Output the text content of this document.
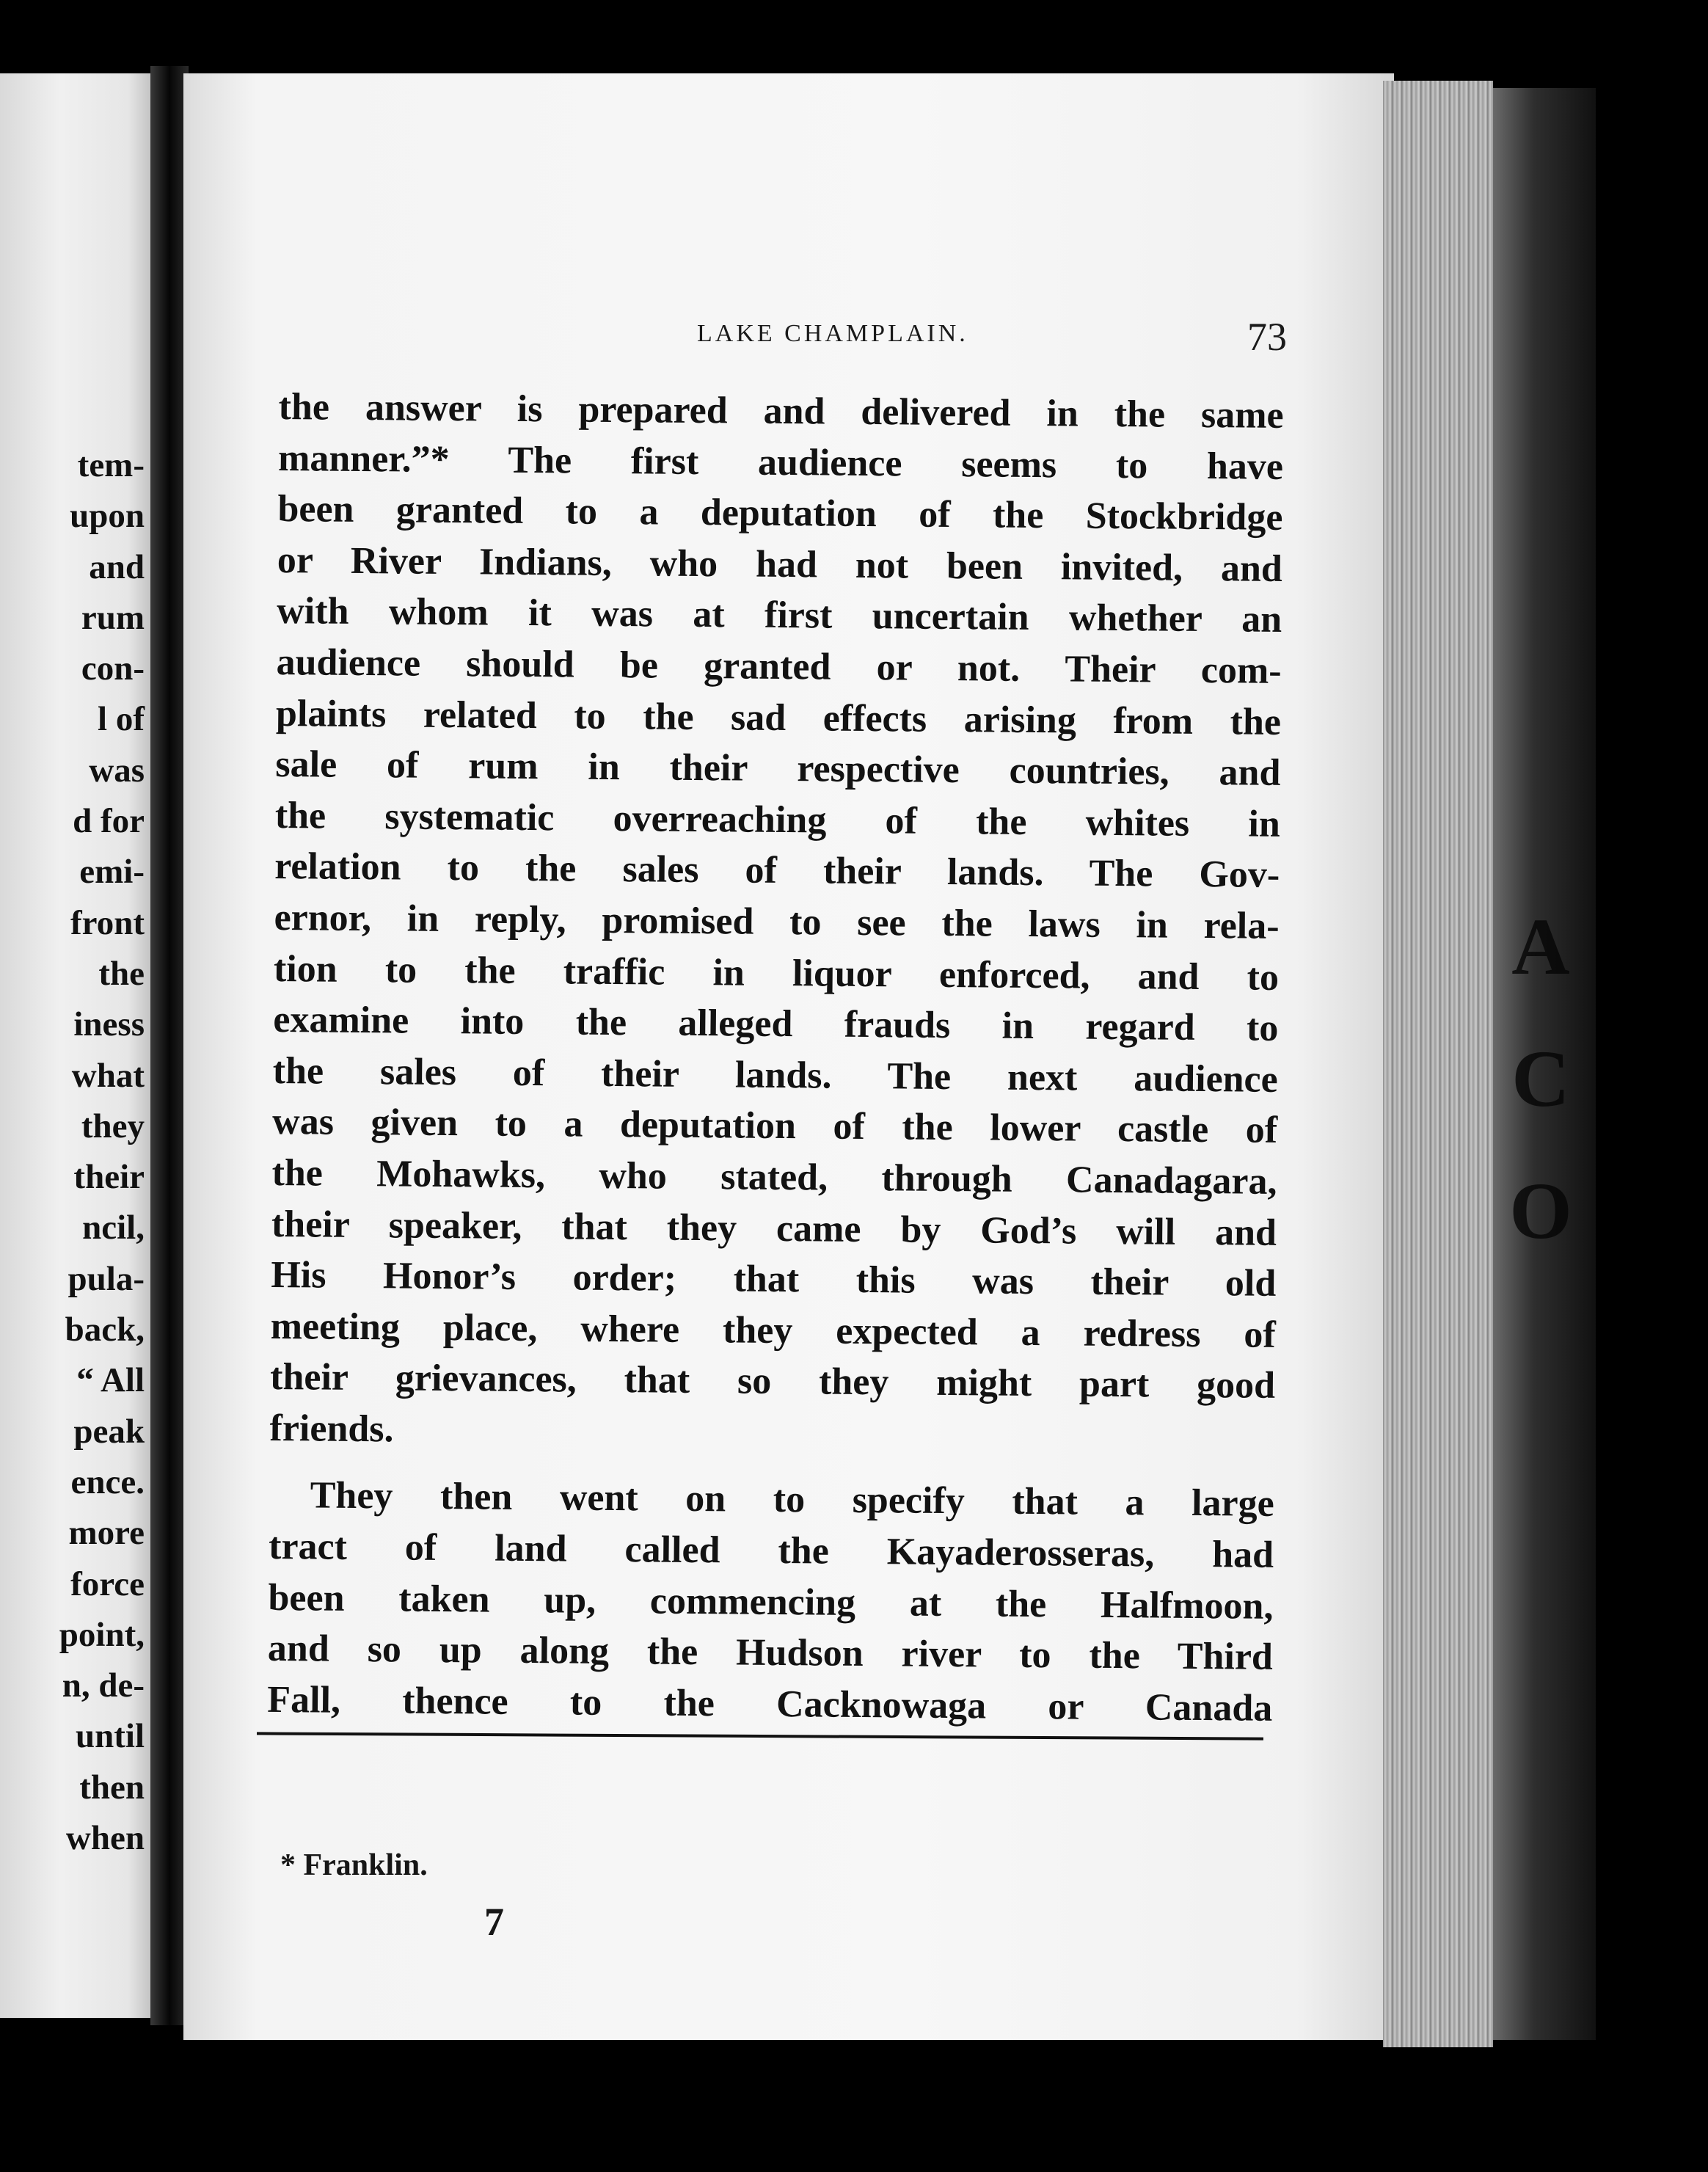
tem-
upon
and
rum
con-
l of
was
d for
emi-
front
the
iness
what
they
their
ncil,
pula-
back,
“ All
peak
ence.
more
force
point,
n, de-
until
then
when

LAKE CHAMPLAIN.	73

the answer is prepared and delivered in the same
manner.”* The first audience seems to have
been granted to a deputation of the Stockbridge
or River Indians, who had not been invited, and
with whom it was at first uncertain whether an
audience should be granted or not. Their com-
plaints related to the sad effects arising from the
sale of rum in their respective countries, and
the systematic overreaching of the whites in
relation to the sales of their lands. The Gov-
ernor, in reply, promised to see the laws in rela-
tion to the traffic in liquor enforced, and to
examine into the alleged frauds in regard to
the sales of their lands. The next audience
was given to a deputation of the lower castle of
the Mohawks, who stated, through Canadagara,
their speaker, that they came by God’s will and
His Honor’s order; that this was their old
meeting place, where they expected a redress of
their grievances, that so they might part good
friends.
They then went on to specify that a large
tract of land called the Kayaderosseras, had
been taken up, commencing at the Halfmoon,
and so up along the Hudson river to the Third
Fall, thence to the Cacknowaga or Canada

* Franklin.

7

A
C
O
